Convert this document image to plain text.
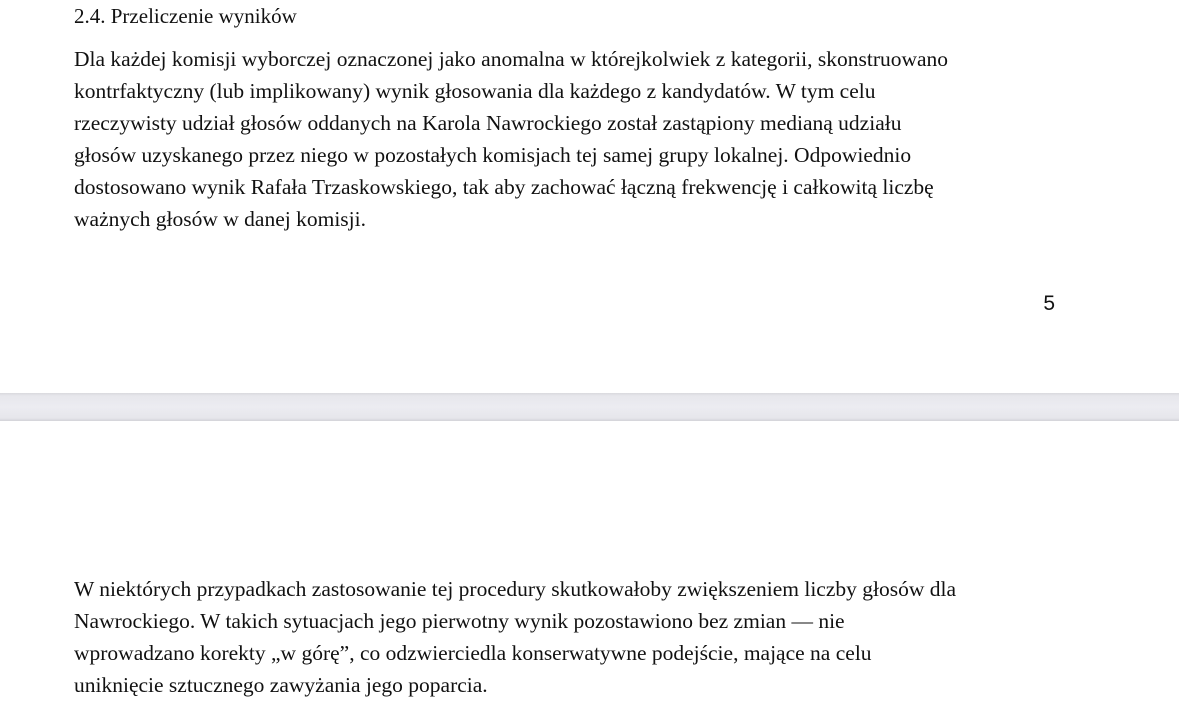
2.4. Przeliczenie wyników

Dla każdej komisji wyborczej oznaczonej jako anomalna w którejkolwiek z kategorii, skonstruowano
kontrfaktyczny (lub implikowany) wynik głosowania dla każdego z kandydatów. W tym celu
rzeczywisty udział głosów oddanych na Karola Nawrockiego został zastąpiony medianą udziału
głosów uzyskanego przez niego w pozostałych komisjach tej samej grupy lokalnej. Odpowiednio
dostosowano wynik Rafała Trzaskowskiego, tak aby zachować łączną frekwencję i całkowitą liczbę
ważnych głosów w danej komisji.

5

W niektórych przypadkach zastosowanie tej procedury skutkowałoby zwiększeniem liczby głosów dla
Nawrockiego. W takich sytuacjach jego pierwotny wynik pozostawiono bez zmian — nie
wprowadzano korekty „w górę”, co odzwierciedla konserwatywne podejście, mające na celu
uniknięcie sztucznego zawyżania jego poparcia.
